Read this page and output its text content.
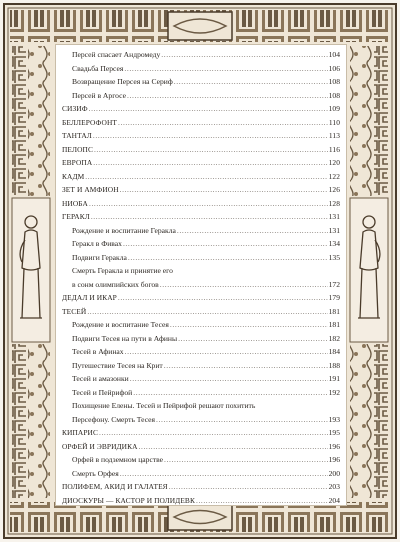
Персей спасает Андромеду .....	104
Свадьба Персея .....	106
Возвращение Персея на Сериф .....	108
Персей в Аргосе .....	108
СИЗИФ .....	109
БЕЛЛЕРОФОНТ .....	110
ТАНТАЛ .....	113
ПЕЛОПС .....	116
ЕВРОПА .....	120
КАДМ .....	122
ЗЕТ И АМФИОН .....	126
НИОБА .....	128
ГЕРАКЛ .....	131
Рождение и воспитание Геракла .....	131
Геракл в Фивах .....	134
Подвиги Геракла .....	135
Смерть Геракла и принятие его
в сонм олимпийских богов .....	172
ДЕДАЛ И ИКАР .....	179
ТЕСЕЙ .....	181
Рождение и воспитание Тесея .....	181
Подвиги Тесея на пути в Афины .....	182
Тесей в Афинах .....	184
Путешествие Тесея на Крит .....	188
Тесей и амазонки .....	191
Тесей и Пейрифой .....	192
Похищение Елены. Тесей и Пейрифой решают похитить
Персефону. Смерть Тесея .....	193
КИПАРИС .....	195
ОРФЕЙ И ЭВРИДИКА .....	196
Орфей в подземном царстве .....	196
Смерть Орфея .....	200
ПОЛИФЕМ, АКИД И ГАЛАТЕЯ .....	203
ДИОСКУРЫ — КАСТОР И ПОЛИДЕВК .....	204
